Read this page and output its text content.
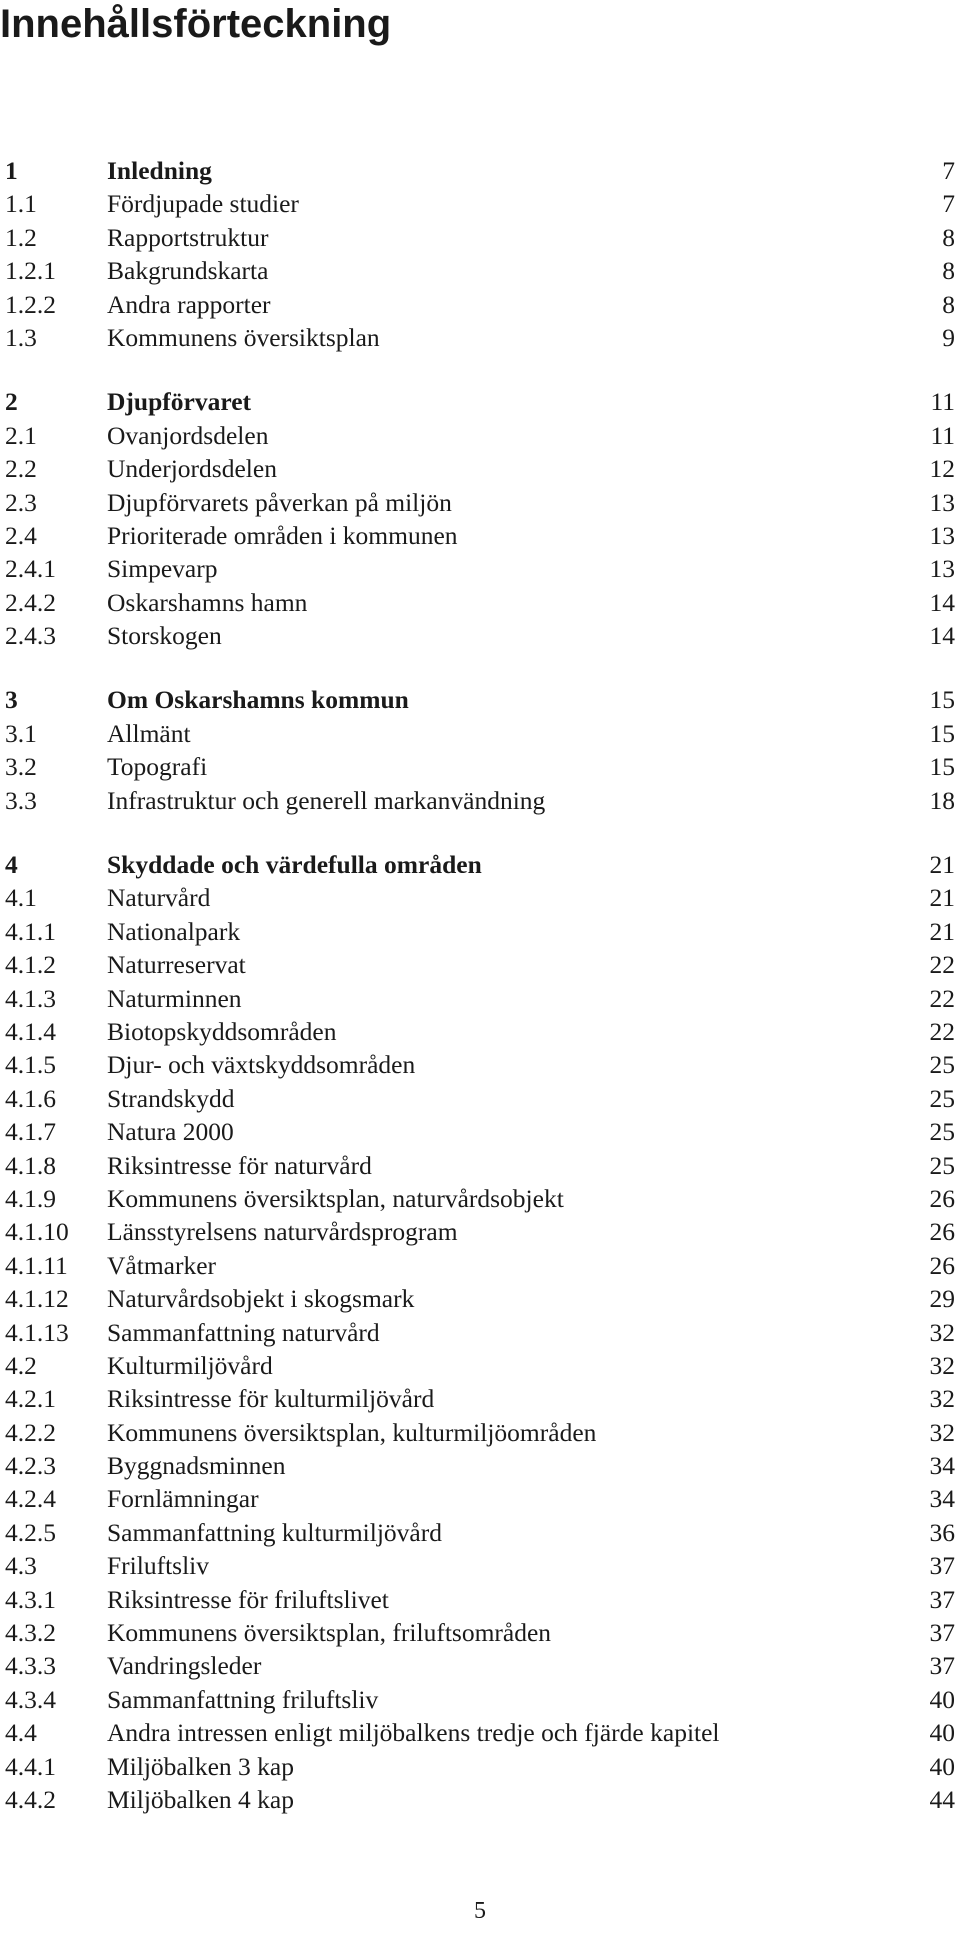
Innehållsförteckning
1	Inledning	7
1.1	Fördjupade studier	7
1.2	Rapportstruktur	8
1.2.1 Bakgrundskarta	8
1.2.2 Andra rapporter	8
1.3	Kommunens översiktsplan	9
2	Djupförvaret	11
2.1	Ovanjordsdelen	11
2.2	Underjordsdelen	12
2.3	Djupförvarets påverkan på miljön	13
2.4	Prioriterade områden i kommunen	13
2.4.1 Simpevarp	13
2.4.2 Oskarshamns hamn	14
2.4.3 Storskogen	14
3	Om Oskarshamns kommun	15
3.1	Allmänt	15
3.2	Topografi	15
3.3	Infrastruktur och generell markanvändning	18
4	Skyddade och värdefulla områden	21
4.1	Naturvård	21
4.1.1 Nationalpark	21
4.1.2 Naturreservat	22
4.1.3 Naturminnen	22
4.1.4 Biotopskyddsområden	22
4.1.5 Djur- och växtskyddsområden	25
4.1.6 Strandskydd	25
4.1.7 Natura 2000	25
4.1.8 Riksintresse för naturvård	25
4.1.9 Kommunens översiktsplan, naturvårdsobjekt	26
4.1.10 Länsstyrelsens naturvårdsprogram	26
4.1.11 Våtmarker	26
4.1.12 Naturvårdsobjekt i skogsmark	29
4.1.13 Sammanfattning naturvård	32
4.2	Kulturmiljövård	32
4.2.1 Riksintresse för kulturmiljövård	32
4.2.2 Kommunens översiktsplan, kulturmiljöområden	32
4.2.3 Byggnadsminnen	34
4.2.4 Fornlämningar	34
4.2.5 Sammanfattning kulturmiljövård	36
4.3	Friluftsliv	37
4.3.1 Riksintresse för friluftslivet	37
4.3.2 Kommunens översiktsplan, friluftsområden	37
4.3.3 Vandringsleder	37
4.3.4 Sammanfattning friluftsliv	40
4.4	Andra intressen enligt miljöbalkens tredje och fjärde kapitel	40
4.4.1 Miljöbalken 3 kap	40
4.4.2 Miljöbalken 4 kap	44
5
